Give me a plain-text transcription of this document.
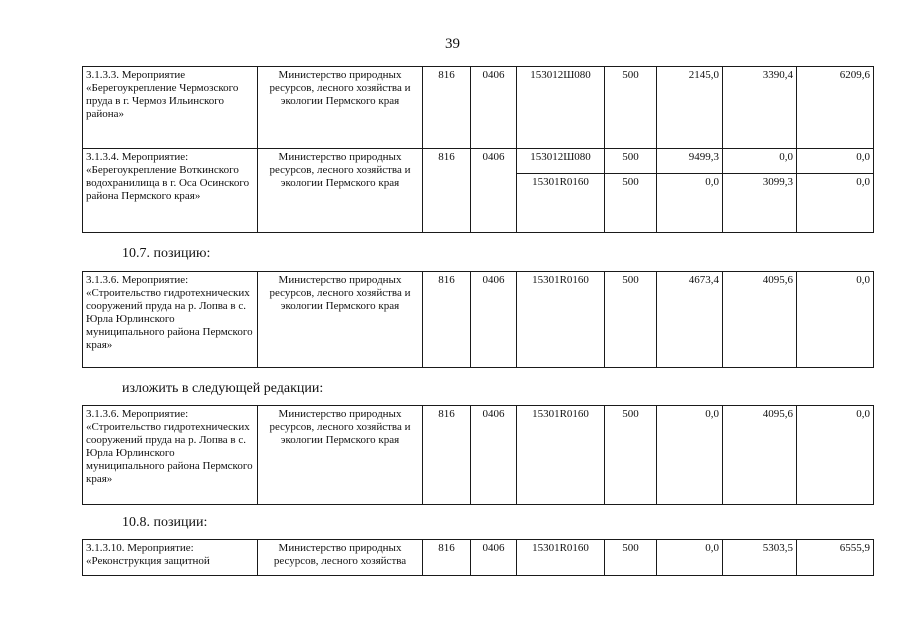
39
3.1.3.3. Мероприятие «Берегоукрепление Чермозского пруда в г. Чермоз Ильинского района»	Министерство природных ресурсов, лесного хозяйства и экологии Пермского края	816	0406	153012Ш080	500	2145,0	3390,4	6209,6
3.1.3.4. Мероприятие: «Берегоукрепление Воткинского водохранилища в г. Оса Осинского района Пермского края»	Министерство природных ресурсов, лесного хозяйства и экологии Пермского края	816	0406	153012Ш080	500	9499,3	0,0	0,0
				15301R0160	500	0,0	3099,3	0,0
10.7. позицию:
3.1.3.6. Мероприятие: «Строительство гидротехнических сооружений пруда на р. Лопва в с. Юрла Юрлинского муниципального района Пермского края»	Министерство природных ресурсов, лесного хозяйства и экологии Пермского края	816	0406	15301R0160	500	4673,4	4095,6	0,0
изложить в следующей редакции:
3.1.3.6. Мероприятие: «Строительство гидротехнических сооружений пруда на р. Лопва в с. Юрла Юрлинского муниципального района Пермского края»	Министерство природных ресурсов, лесного хозяйства и экологии Пермского края	816	0406	15301R0160	500	0,0	4095,6	0,0
10.8. позиции:
3.1.3.10. Мероприятие: «Реконструкция защитной	Министерство природных ресурсов, лесного хозяйства	816	0406	15301R0160	500	0,0	5303,5	6555,9
